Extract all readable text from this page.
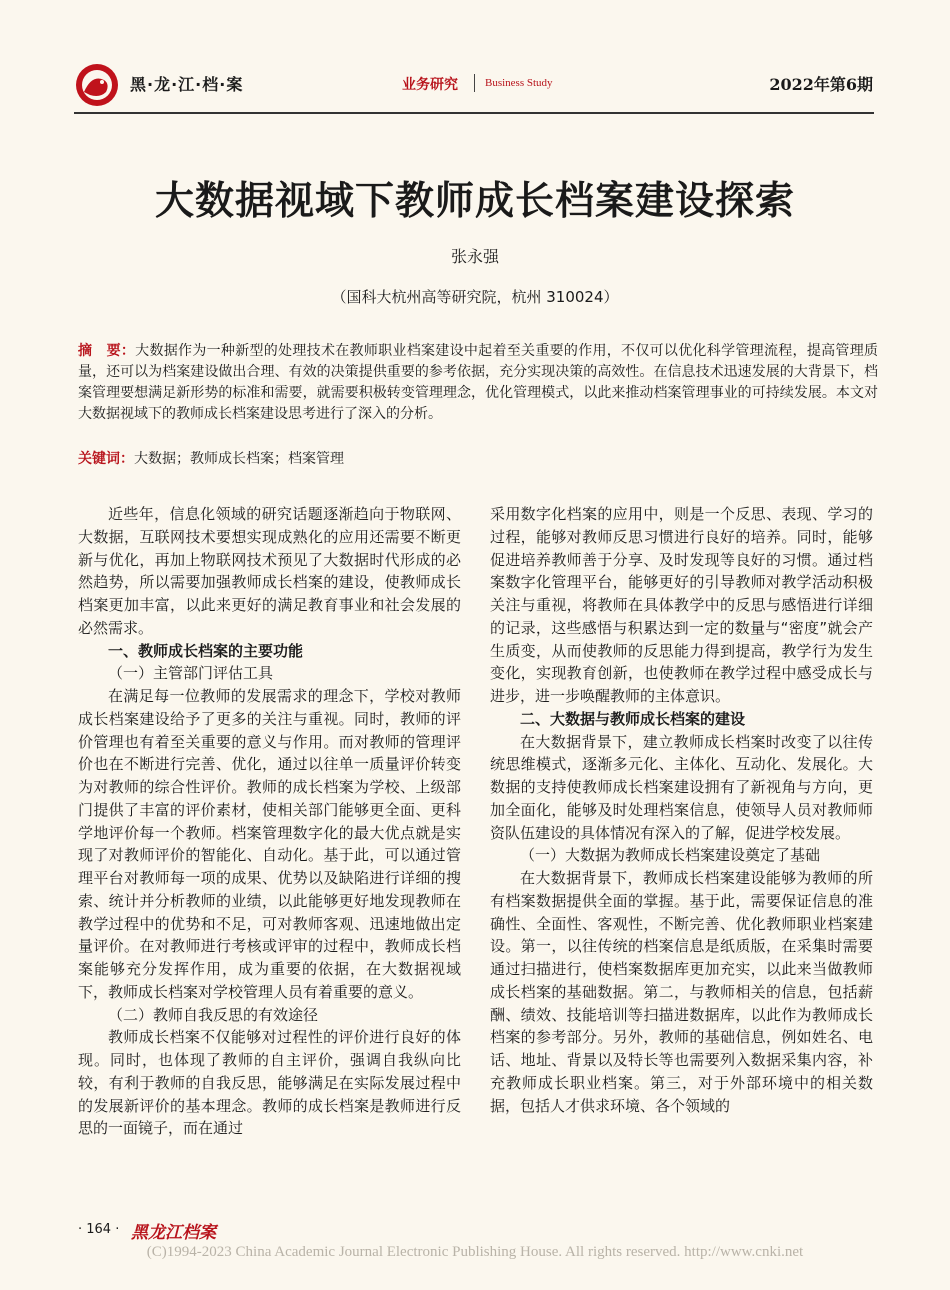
黑·龙·江·档·案	业务研究 Business Study	2022年第6期
大数据视域下教师成长档案建设探索
张永强
（国科大杭州高等研究院，杭州 310024）
摘　要：大数据作为一种新型的处理技术在教师职业档案建设中起着至关重要的作用，不仅可以优化科学管理流程，提高管理质量，还可以为档案建设做出合理、有效的决策提供重要的参考依据，充分实现决策的高效性。在信息技术迅速发展的大背景下，档案管理要想满足新形势的标准和需要，就需要积极转变管理理念，优化管理模式，以此来推动档案管理事业的可持续发展。本文对大数据视域下的教师成长档案建设思考进行了深入的分析。
关键词：大数据；教师成长档案；档案管理

近些年，信息化领域的研究话题逐渐趋向于物联网、大数据，互联网技术要想实现成熟化的应用还需要不断更新与优化，再加上物联网技术预见了大数据时代形成的必然趋势，所以需要加强教师成长档案的建设，使教师成长档案更加丰富，以此来更好的满足教育事业和社会发展的必然需求。

一、教师成长档案的主要功能
（一）主管部门评估工具

在满足每一位教师的发展需求的理念下，学校对教师成长档案建设给予了更多的关注与重视。同时，教师的评价管理也有着至关重要的意义与作用。而对教师的管理评价也在不断进行完善、优化，通过以往单一质量评价转变为对教师的综合性评价。教师的成长档案为学校、上级部门提供了丰富的评价素材，使相关部门能够更全面、更科学地评价每一个教师。档案管理数字化的最大优点就是实现了对教师评价的智能化、自动化。基于此，可以通过管理平台对教师每一项的成果、优势以及缺陷进行详细的搜索、统计并分析教师的业绩，以此能够更好地发现教师在教学过程中的优势和不足，可对教师客观、迅速地做出定量评价。在对教师进行考核或评审的过程中，教师成长档案能够充分发挥作用，成为重要的依据，在大数据视域下，教师成长档案对学校管理人员有着重要的意义。

（二）教师自我反思的有效途径

教师成长档案不仅能够对过程性的评价进行良好的体现。同时，也体现了教师的自主评价，强调自我纵向比较，有利于教师的自我反思，能够满足在实际发展过程中的发展新评价的基本理念。教师的成长档案是教师进行反思的一面镜子，而在通过

采用数字化档案的应用中，则是一个反思、表现、学习的过程，能够对教师反思习惯进行良好的培养。同时，能够促进培养教师善于分享、及时发现等良好的习惯。通过档案数字化管理平台，能够更好的引导教师对教学活动积极关注与重视，将教师在具体教学中的反思与感悟进行详细的记录，这些感悟与积累达到一定的数量与“密度”就会产生质变，从而使教师的反思能力得到提高，教学行为发生变化，实现教育创新，也使教师在教学过程中感受成长与进步，进一步唤醒教师的主体意识。

二、大数据与教师成长档案的建设

在大数据背景下，建立教师成长档案时改变了以往传统思维模式，逐渐多元化、主体化、互动化、发展化。大数据的支持使教师成长档案建设拥有了新视角与方向，更加全面化，能够及时处理档案信息，使领导人员对教师师资队伍建设的具体情况有深入的了解，促进学校发展。

（一）大数据为教师成长档案建设奠定了基础

在大数据背景下，教师成长档案建设能够为教师的所有档案数据提供全面的掌握。基于此，需要保证信息的准确性、全面性、客观性，不断完善、优化教师职业档案建设。第一，以往传统的档案信息是纸质版，在采集时需要通过扫描进行，使档案数据库更加充实，以此来当做教师成长档案的基础数据。第二，与教师相关的信息，包括薪酬、绩效、技能培训等扫描进数据库，以此作为教师成长档案的参考部分。另外，教师的基础信息，例如姓名、电话、地址、背景以及特长等也需要列入数据采集内容，补充教师成长职业档案。第三，对于外部环境中的相关数据，包括人才供求环境、各个领域的

· 164 · 黑龙江档案
(C)1994-2023 China Academic Journal Electronic Publishing House. All rights reserved. http://www.cnki.net
